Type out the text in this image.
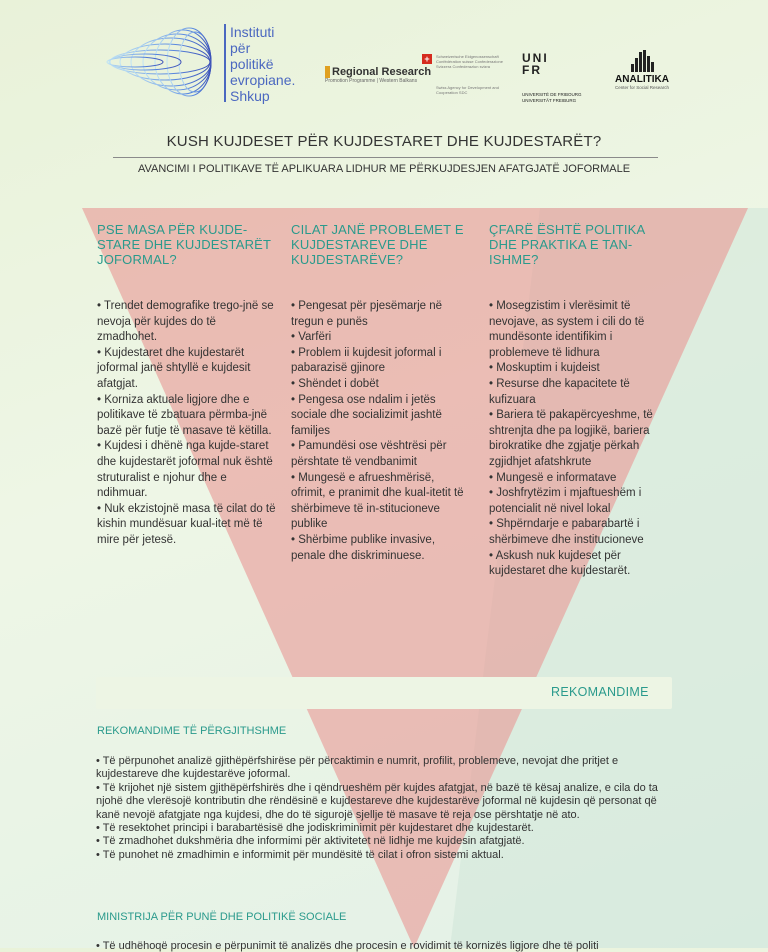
Instituti
për
politikë
evropiane.
Shkup
Regional Research
Promotion Programme | Western Balkans
+	Schweizerische Eidgenossenschaft Confédération suisse Confederazione Svizzera Confederaziun svizra
Swiss Agency for Development and Cooperation SDC
UNI FR
UNIVERSITÉ DE FRIBOURG UNIVERSITÄT FREIBURG
ANALITIKA
Center for Social Research
KUSH KUJDESET PËR KUJDESTARET DHE KUJDESTARËT?
AVANCIMI I POLITIKAVE TË APLIKUARA LIDHUR ME PËRKUJDESJEN AFATGJATË JOFORMALE
PSE MASA PËR KUJDE-STARE DHE KUJDESTARËT JOFORMAL?

• Trendet demografike trego-jnë se nevoja për kujdes do të zmadhohet.

• Kujdestaret dhe kujdestarët joformal janë shtyllë e kujdesit afatgjat.

• Korniza aktuale ligjore dhe e politikave të zbatuara përmba-jnë bazë për futje të masave të këtilla.

• Kujdesi i dhënë nga kujde-staret dhe kujdestarët joformal nuk është struturalist e njohur dhe e ndihmuar.

• Nuk ekzistojnë masa të cilat do të kishin mundësuar kual-itet më të mire për jetesë.

CILAT JANË PROBLEMET E KUJDESTAREVE DHE KUJDESTARËVE?

• Pengesat për pjesëmarje në tregun e punës

• Varfëri

• Problem ii kujdesit joformal i pabarazisë gjinore

• Shëndet i dobët

• Pengesa ose ndalim i jetës sociale dhe socializimit jashtë familjes

• Pamundësi ose vështrësi për përshtate të vendbanimit

• Mungesë e afrueshmërisë, ofrimit, e pranimit dhe kual-itetit të shërbimeve të in-stitucioneve publike

• Shërbime publike invasive, penale dhe diskriminuese.

ÇFARË ËSHTË POLITIKA DHE PRAKTIKA E TAN-ISHME?

• Mosegzistim i vlerësimit të nevojave, as system i cili do të mundësonte identifikim i problemeve të lidhura

• Moskuptim i kujdeist

• Resurse dhe kapacitete të kufizuara

• Bariera të pakapërcyeshme, të shtrenjta dhe pa logjikë, bariera birokratike dhe zgjatje përkah zgjidhjet afatshkrute

• Mungesë e informatave

• Joshfrytëzim i mjaftueshëm i potencialit në nivel lokal

• Shpërndarje e pabarabartë i shërbimeve dhe institucioneve

• Askush nuk kujdeset për kujdestaret dhe kujdestarët.

REKOMANDIME
REKOMANDIME TË PËRGJITHSHME

• Të përpunohet analizë gjithëpërfshirëse për përcaktimin e numrit, profilit, problemeve, nevojat dhe pritjet e kujdestareve dhe kujdestarëve joformal.

• Të krijohet një sistem gjithëpërfshirës dhe i qëndrueshëm për kujdes afatgjat, në bazë të kësaj analize, e cila do ta njohë dhe vlerësojë kontributin dhe rëndësinë e kujdestareve dhe kujdestarëve joformal në kujdesin që personat që kanë nevojë afatgjate nga kujdesi, dhe do të sigurojë sjellje të masave të reja ose përshtatje në ato.

• Të resektohet principi i barabartësisë dhe jodiskriminimit për kujdestaret dhe kujdestarët.

• Të zmadhohet dukshmëria dhe informimi për aktivitetet në lidhje me kujdesin afatgjatë.

• Të punohet në zmadhimin e informimit për mundësitë të cilat i ofron sistemi aktual.

MINISTRIJA PËR PUNË DHE POLITIKË SOCIALE
• Të udhëhoqë procesin e përpunimit të analizës dhe procesin e rovidimit të kornizës ligjore dhe të politi
